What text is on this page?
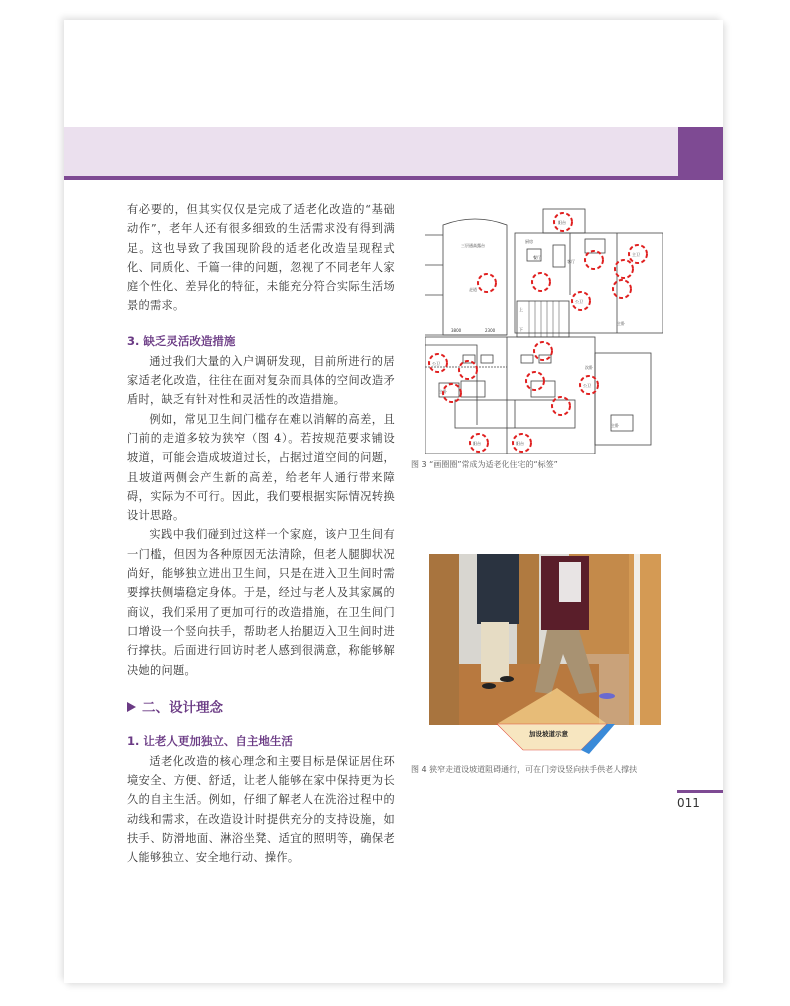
有必要的，但其实仅仅是完成了适老化改造的“基础动作”，老年人还有很多细致的生活需求没有得到满足。这也导致了我国现阶段的适老化改造呈现程式化、同质化、千篇一律的问题，忽视了不同老年人家庭个性化、差异化的特征，未能充分符合实际生活场景的需求。

3. 缺乏灵活改造措施

通过我们大量的入户调研发现，目前所进行的居家适老化改造，往往在面对复杂而具体的空间改造矛盾时，缺乏有针对性和灵活性的改造措施。

例如，常见卫生间门槛存在难以消解的高差，且门前的走道多较为狭窄（图 4）。若按规范要求铺设坡道，可能会造成坡道过长，占据过道空间的问题，且坡道两侧会产生新的高差，给老年人通行带来障碍，实际为不可行。因此，我们要根据实际情况转换设计思路。

实践中我们碰到过这样一个家庭，该户卫生间有一门槛，但因为各种原因无法清除，但老人腿脚状况尚好，能够独立进出卫生间，只是在进入卫生间时需要撑扶侧墙稳定身体。于是，经过与老人及其家属的商议，我们采用了更加可行的改造措施，在卫生间门口增设一个竖向扶手，帮助老人抬腿迈入卫生间时进行撑扶。后面进行回访时老人感到很满意，称能够解决她的问题。

二、设计理念
1. 让老人更加独立、自主地生活

适老化改造的核心理念和主要目标是保证居住环境安全、方便、舒适，让老人能够在家中保持更为长久的自主生活。例如，仔细了解老人在洗浴过程中的动线和需求，在改造设计时提供充分的支持设施，如扶手、防滑地面、淋浴坐凳、适宜的照明等，确保老人能够独立、安全地行动、操作。

三层通高露台
走道
3800	2300
厨房
餐厅
客厅
上
下
主卧
主卧
主卧
次卧
阳台
公卫
主卫
公卫
公卫
阳台	阳台
图 3 “画圈圈”常成为适老化住宅的“标签”
加设坡道示意
图 4 狭窄走道设坡道阻碍通行，可在门旁设竖向扶手供老人撑扶
011
